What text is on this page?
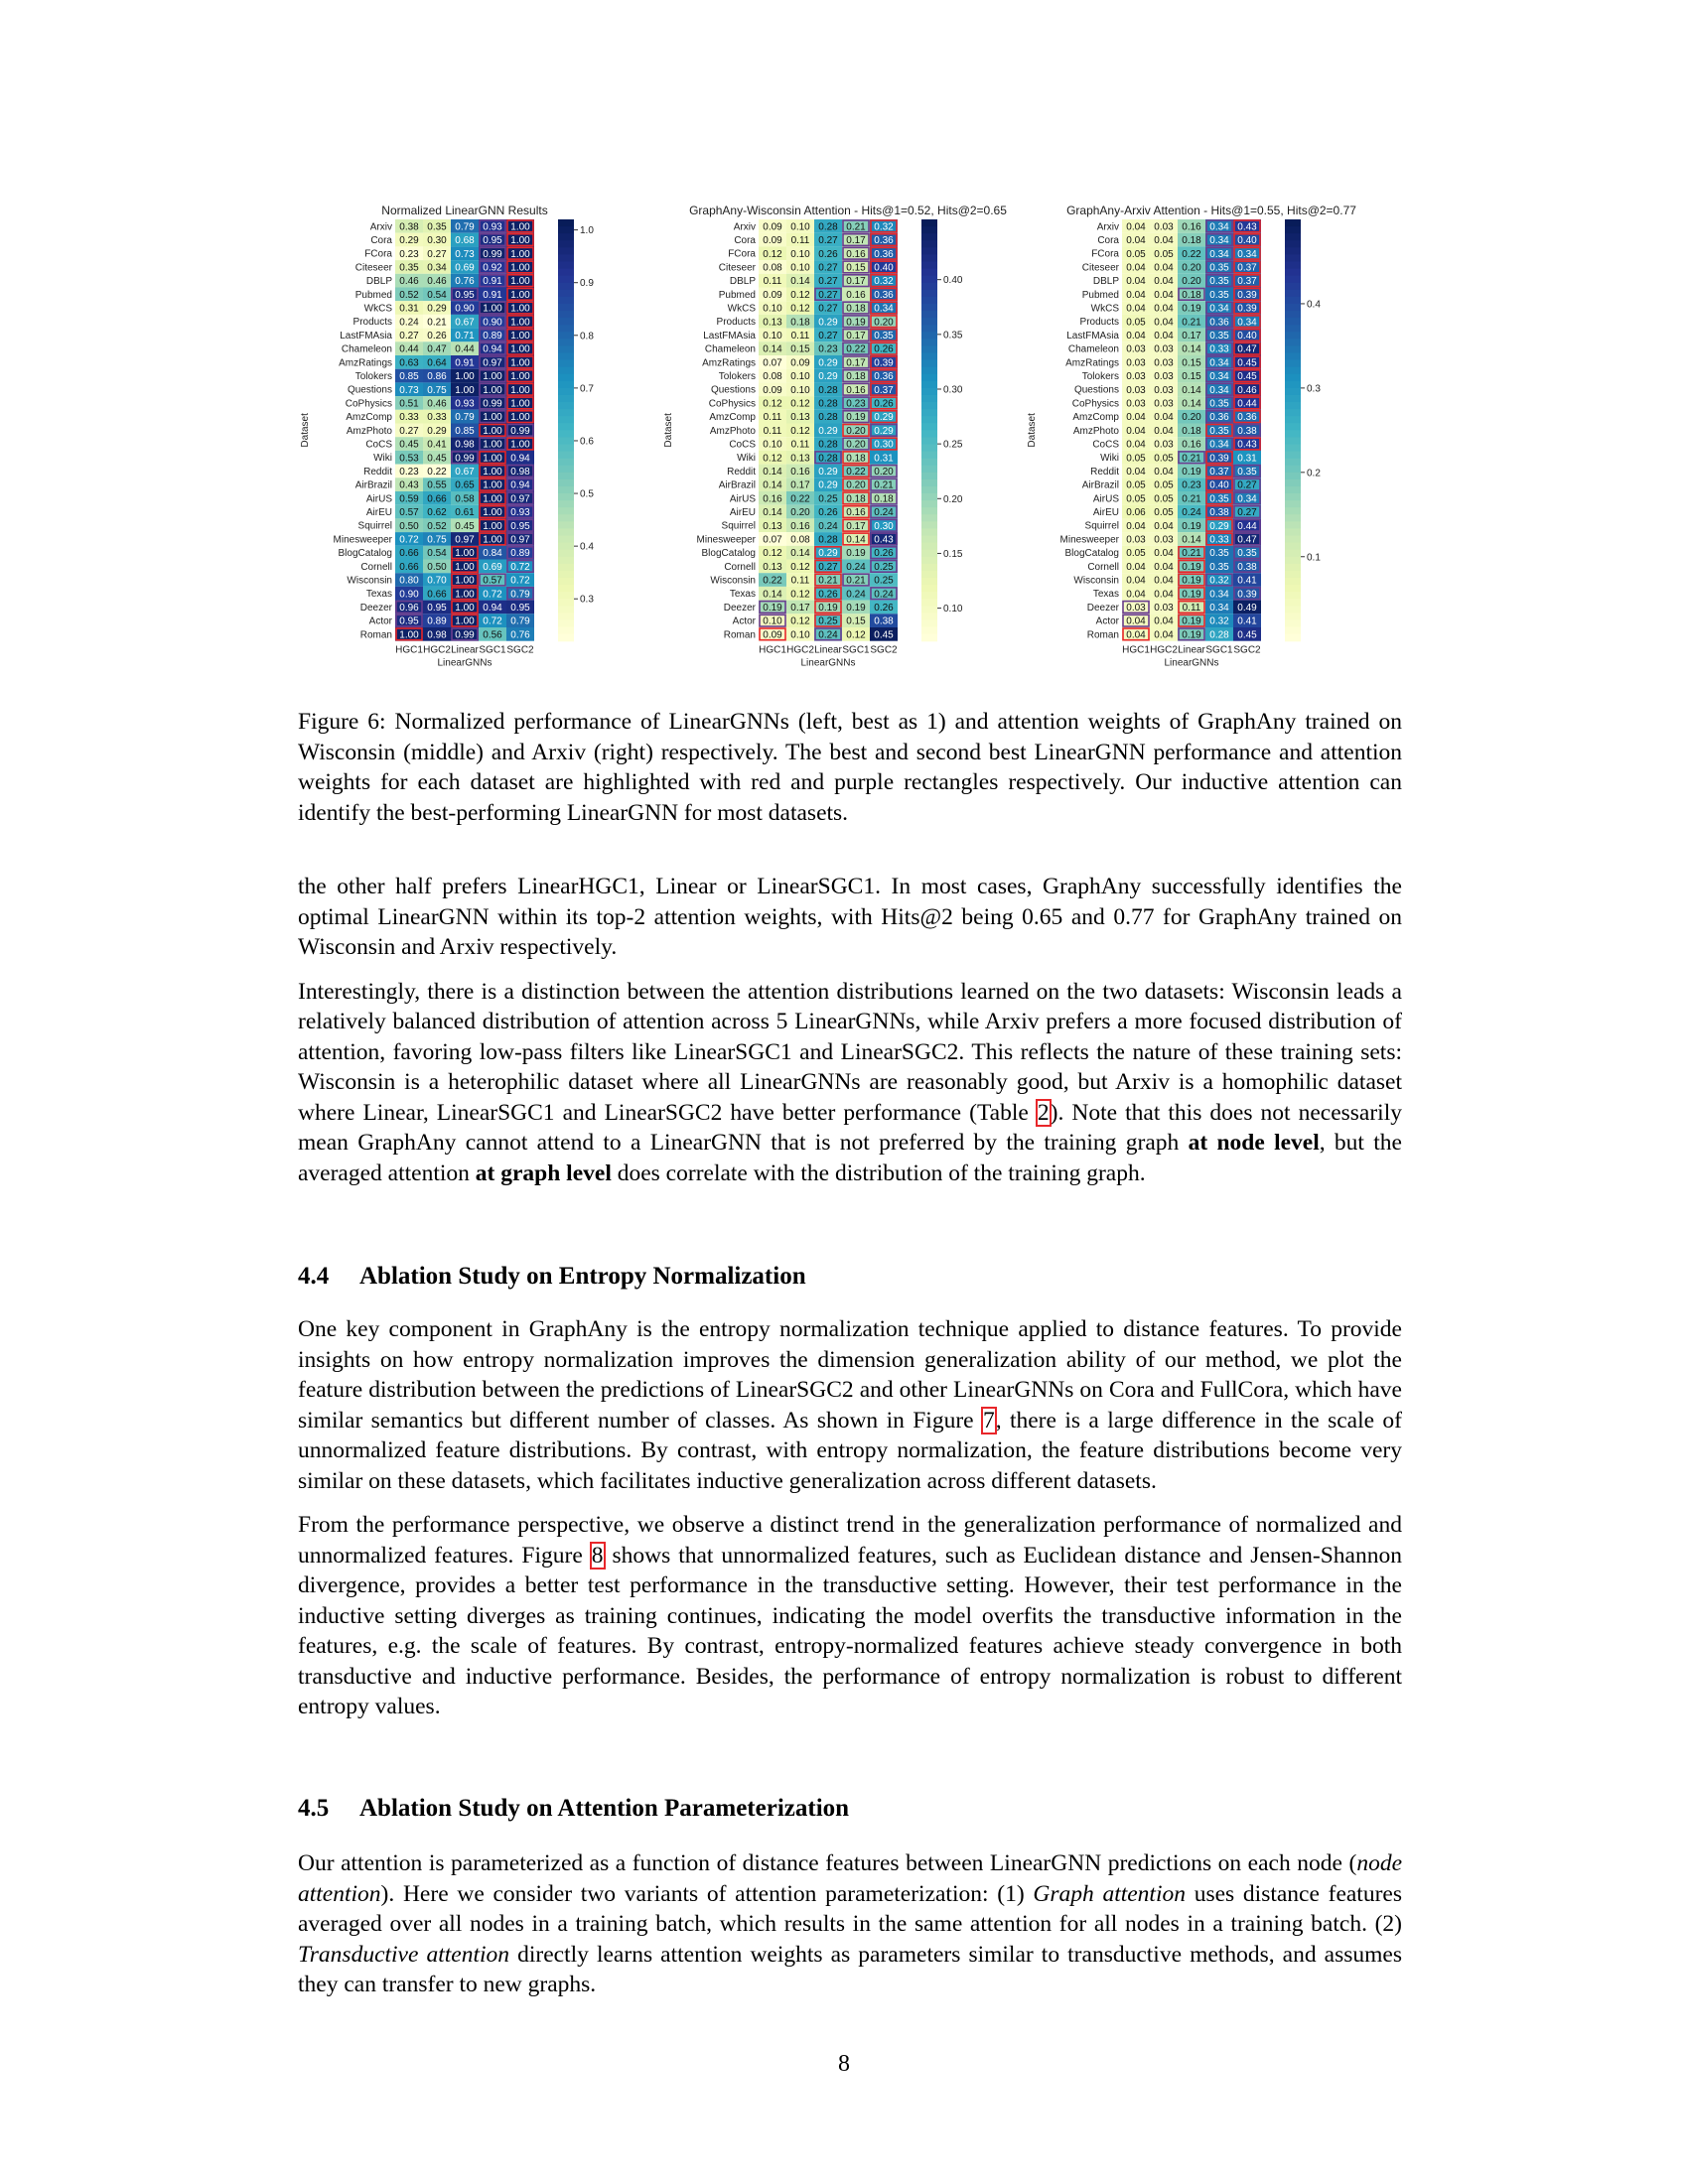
Normalized LinearGNN Results
Dataset
Arxiv 0.38 0.35 0.79 0.93 1.00
Cora 0.29 0.30 0.68 0.95 1.00
FCora 0.23 0.27 0.73 0.99 1.00
Citeseer 0.35 0.34 0.69 0.92 1.00
DBLP 0.46 0.46 0.76 0.91 1.00
Pubmed 0.52 0.54 0.95 0.91 1.00
WkCS 0.31 0.29 0.90 1.00 1.00
Products 0.24 0.21 0.67 0.90 1.00
LastFMAsia 0.27 0.26 0.71 0.89 1.00
Chameleon 0.44 0.47 0.44 0.94 1.00
AmzRatings 0.63 0.64 0.91 0.97 1.00
Tolokers 0.85 0.86 1.00 1.00 1.00
Questions 0.73 0.75 1.00 1.00 1.00
CoPhysics 0.51 0.46 0.93 0.99 1.00
AmzComp 0.33 0.33 0.79 1.00 1.00
AmzPhoto 0.27 0.29 0.85 1.00 0.99
CoCS 0.45 0.41 0.98 1.00 1.00
Wiki 0.53 0.45 0.99 1.00 0.94
Reddit 0.23 0.22 0.67 1.00 0.98
AirBrazil 0.43 0.55 0.65 1.00 0.94
AirUS 0.59 0.66 0.58 1.00 0.97
AirEU 0.57 0.62 0.61 1.00 0.93
Squirrel 0.50 0.52 0.45 1.00 0.95
Minesweeper 0.72 0.75 0.97 1.00 0.97
BlogCatalog 0.66 0.54 1.00 0.84 0.89
Cornell 0.66 0.50 1.00 0.69 0.72
Wisconsin 0.80 0.70 1.00 0.57 0.72
Texas 0.90 0.66 1.00 0.72 0.79
Deezer 0.96 0.95 1.00 0.94 0.95
Actor 0.95 0.89 1.00 0.72 0.79
Roman 1.00 0.98 0.99 0.56 0.76
HGC1 HGC2 Linear SGC1 SGC2
LinearGNNs
1.0
0.9
0.8
0.7
0.6
0.5
0.4
0.3
GraphAny-Wisconsin Attention - Hits@1=0.52, Hits@2=0.65
Dataset
Arxiv 0.09 0.10 0.28 0.21 0.32
Cora 0.09 0.11 0.27 0.17 0.36
FCora 0.12 0.10 0.26 0.16 0.36
Citeseer 0.08 0.10 0.27 0.15 0.40
DBLP 0.11 0.14 0.27 0.17 0.32
Pubmed 0.09 0.12 0.27 0.16 0.36
WkCS 0.10 0.12 0.27 0.18 0.34
Products 0.13 0.18 0.29 0.19 0.20
LastFMAsia 0.10 0.11 0.27 0.17 0.35
Chameleon 0.14 0.15 0.23 0.22 0.26
AmzRatings 0.07 0.09 0.29 0.17 0.39
Tolokers 0.08 0.10 0.29 0.18 0.36
Questions 0.09 0.10 0.28 0.16 0.37
CoPhysics 0.12 0.12 0.28 0.23 0.26
AmzComp 0.11 0.13 0.28 0.19 0.29
AmzPhoto 0.11 0.12 0.29 0.20 0.29
CoCS 0.10 0.11 0.28 0.20 0.30
Wiki 0.12 0.13 0.28 0.18 0.31
Reddit 0.14 0.16 0.29 0.22 0.20
AirBrazil 0.14 0.17 0.29 0.20 0.21
AirUS 0.16 0.22 0.25 0.18 0.18
AirEU 0.14 0.20 0.26 0.16 0.24
Squirrel 0.13 0.16 0.24 0.17 0.30
Minesweeper 0.07 0.08 0.28 0.14 0.43
BlogCatalog 0.12 0.14 0.29 0.19 0.26
Cornell 0.13 0.12 0.27 0.24 0.25
Wisconsin 0.22 0.11 0.21 0.21 0.25
Texas 0.14 0.12 0.26 0.24 0.24
Deezer 0.19 0.17 0.19 0.19 0.26
Actor 0.10 0.12 0.25 0.15 0.38
Roman 0.09 0.10 0.24 0.12 0.45
HGC1 HGC2 Linear SGC1 SGC2
LinearGNNs
0.40
0.35
0.30
0.25
0.20
0.15
0.10
GraphAny-Arxiv Attention - Hits@1=0.55, Hits@2=0.77
Dataset
Arxiv 0.04 0.03 0.16 0.34 0.43
Cora 0.04 0.04 0.18 0.34 0.40
FCora 0.05 0.05 0.22 0.34 0.34
Citeseer 0.04 0.04 0.20 0.35 0.37
DBLP 0.04 0.04 0.20 0.35 0.37
Pubmed 0.04 0.04 0.18 0.35 0.39
WkCS 0.04 0.04 0.19 0.34 0.39
Products 0.05 0.04 0.21 0.36 0.34
LastFMAsia 0.04 0.04 0.17 0.35 0.40
Chameleon 0.03 0.03 0.14 0.33 0.47
AmzRatings 0.03 0.03 0.15 0.34 0.45
Tolokers 0.03 0.03 0.15 0.34 0.45
Questions 0.03 0.03 0.14 0.34 0.46
CoPhysics 0.03 0.03 0.14 0.35 0.44
AmzComp 0.04 0.04 0.20 0.36 0.36
AmzPhoto 0.04 0.04 0.18 0.35 0.38
CoCS 0.04 0.03 0.16 0.34 0.43
Wiki 0.05 0.05 0.21 0.39 0.31
Reddit 0.04 0.04 0.19 0.37 0.35
AirBrazil 0.05 0.05 0.23 0.40 0.27
AirUS 0.05 0.05 0.21 0.35 0.34
AirEU 0.06 0.05 0.24 0.38 0.27
Squirrel 0.04 0.04 0.19 0.29 0.44
Minesweeper 0.03 0.03 0.14 0.33 0.47
BlogCatalog 0.05 0.04 0.21 0.35 0.35
Cornell 0.04 0.04 0.19 0.35 0.38
Wisconsin 0.04 0.04 0.19 0.32 0.41
Texas 0.04 0.04 0.19 0.34 0.39
Deezer 0.03 0.03 0.11 0.34 0.49
Actor 0.04 0.04 0.19 0.32 0.41
Roman 0.04 0.04 0.19 0.28 0.45
HGC1 HGC2 Linear SGC1 SGC2
LinearGNNs
0.4
0.3
0.2
0.1
Figure 6: Normalized performance of LinearGNNs (left, best as 1) and attention weights of GraphAny trained on Wisconsin (middle) and Arxiv (right) respectively. The best and second best LinearGNN performance and attention weights for each dataset are highlighted with red and purple rectangles respectively. Our inductive attention can identify the best-performing LinearGNN for most datasets.

the other half prefers LinearHGC1, Linear or LinearSGC1. In most cases, GraphAny successfully identifies the optimal LinearGNN within its top-2 attention weights, with Hits@2 being 0.65 and 0.77 for GraphAny trained on Wisconsin and Arxiv respectively.

Interestingly, there is a distinction between the attention distributions learned on the two datasets: Wisconsin leads a relatively balanced distribution of attention across 5 LinearGNNs, while Arxiv prefers a more focused distribution of attention, favoring low-pass filters like LinearSGC1 and LinearSGC2. This reflects the nature of these training sets: Wisconsin is a heterophilic dataset where all LinearGNNs are reasonably good, but Arxiv is a homophilic dataset where Linear, LinearSGC1 and LinearSGC2 have better performance (Table 2). Note that this does not necessarily mean GraphAny cannot attend to a LinearGNN that is not preferred by the training graph at node level, but the averaged attention at graph level does correlate with the distribution of the training graph.

4.4 Ablation Study on Entropy Normalization

One key component in GraphAny is the entropy normalization technique applied to distance features. To provide insights on how entropy normalization improves the dimension generalization ability of our method, we plot the feature distribution between the predictions of LinearSGC2 and other LinearGNNs on Cora and FullCora, which have similar semantics but different number of classes. As shown in Figure 7, there is a large difference in the scale of unnormalized feature distributions. By contrast, with entropy normalization, the feature distributions become very similar on these datasets, which facilitates inductive generalization across different datasets.

From the performance perspective, we observe a distinct trend in the generalization performance of normalized and unnormalized features. Figure 8 shows that unnormalized features, such as Euclidean distance and Jensen-Shannon divergence, provides a better test performance in the transductive setting. However, their test performance in the inductive setting diverges as training continues, indicating the model overfits the transductive information in the features, e.g. the scale of features. By contrast, entropy-normalized features achieve steady convergence in both transductive and inductive performance. Besides, the performance of entropy normalization is robust to different entropy values.

4.5 Ablation Study on Attention Parameterization

Our attention is parameterized as a function of distance features between LinearGNN predictions on each node (node attention). Here we consider two variants of attention parameterization: (1) Graph attention uses distance features averaged over all nodes in a training batch, which results in the same attention for all nodes in a training batch. (2) Transductive attention directly learns attention weights as parameters similar to transductive methods, and assumes they can transfer to new graphs.

8
